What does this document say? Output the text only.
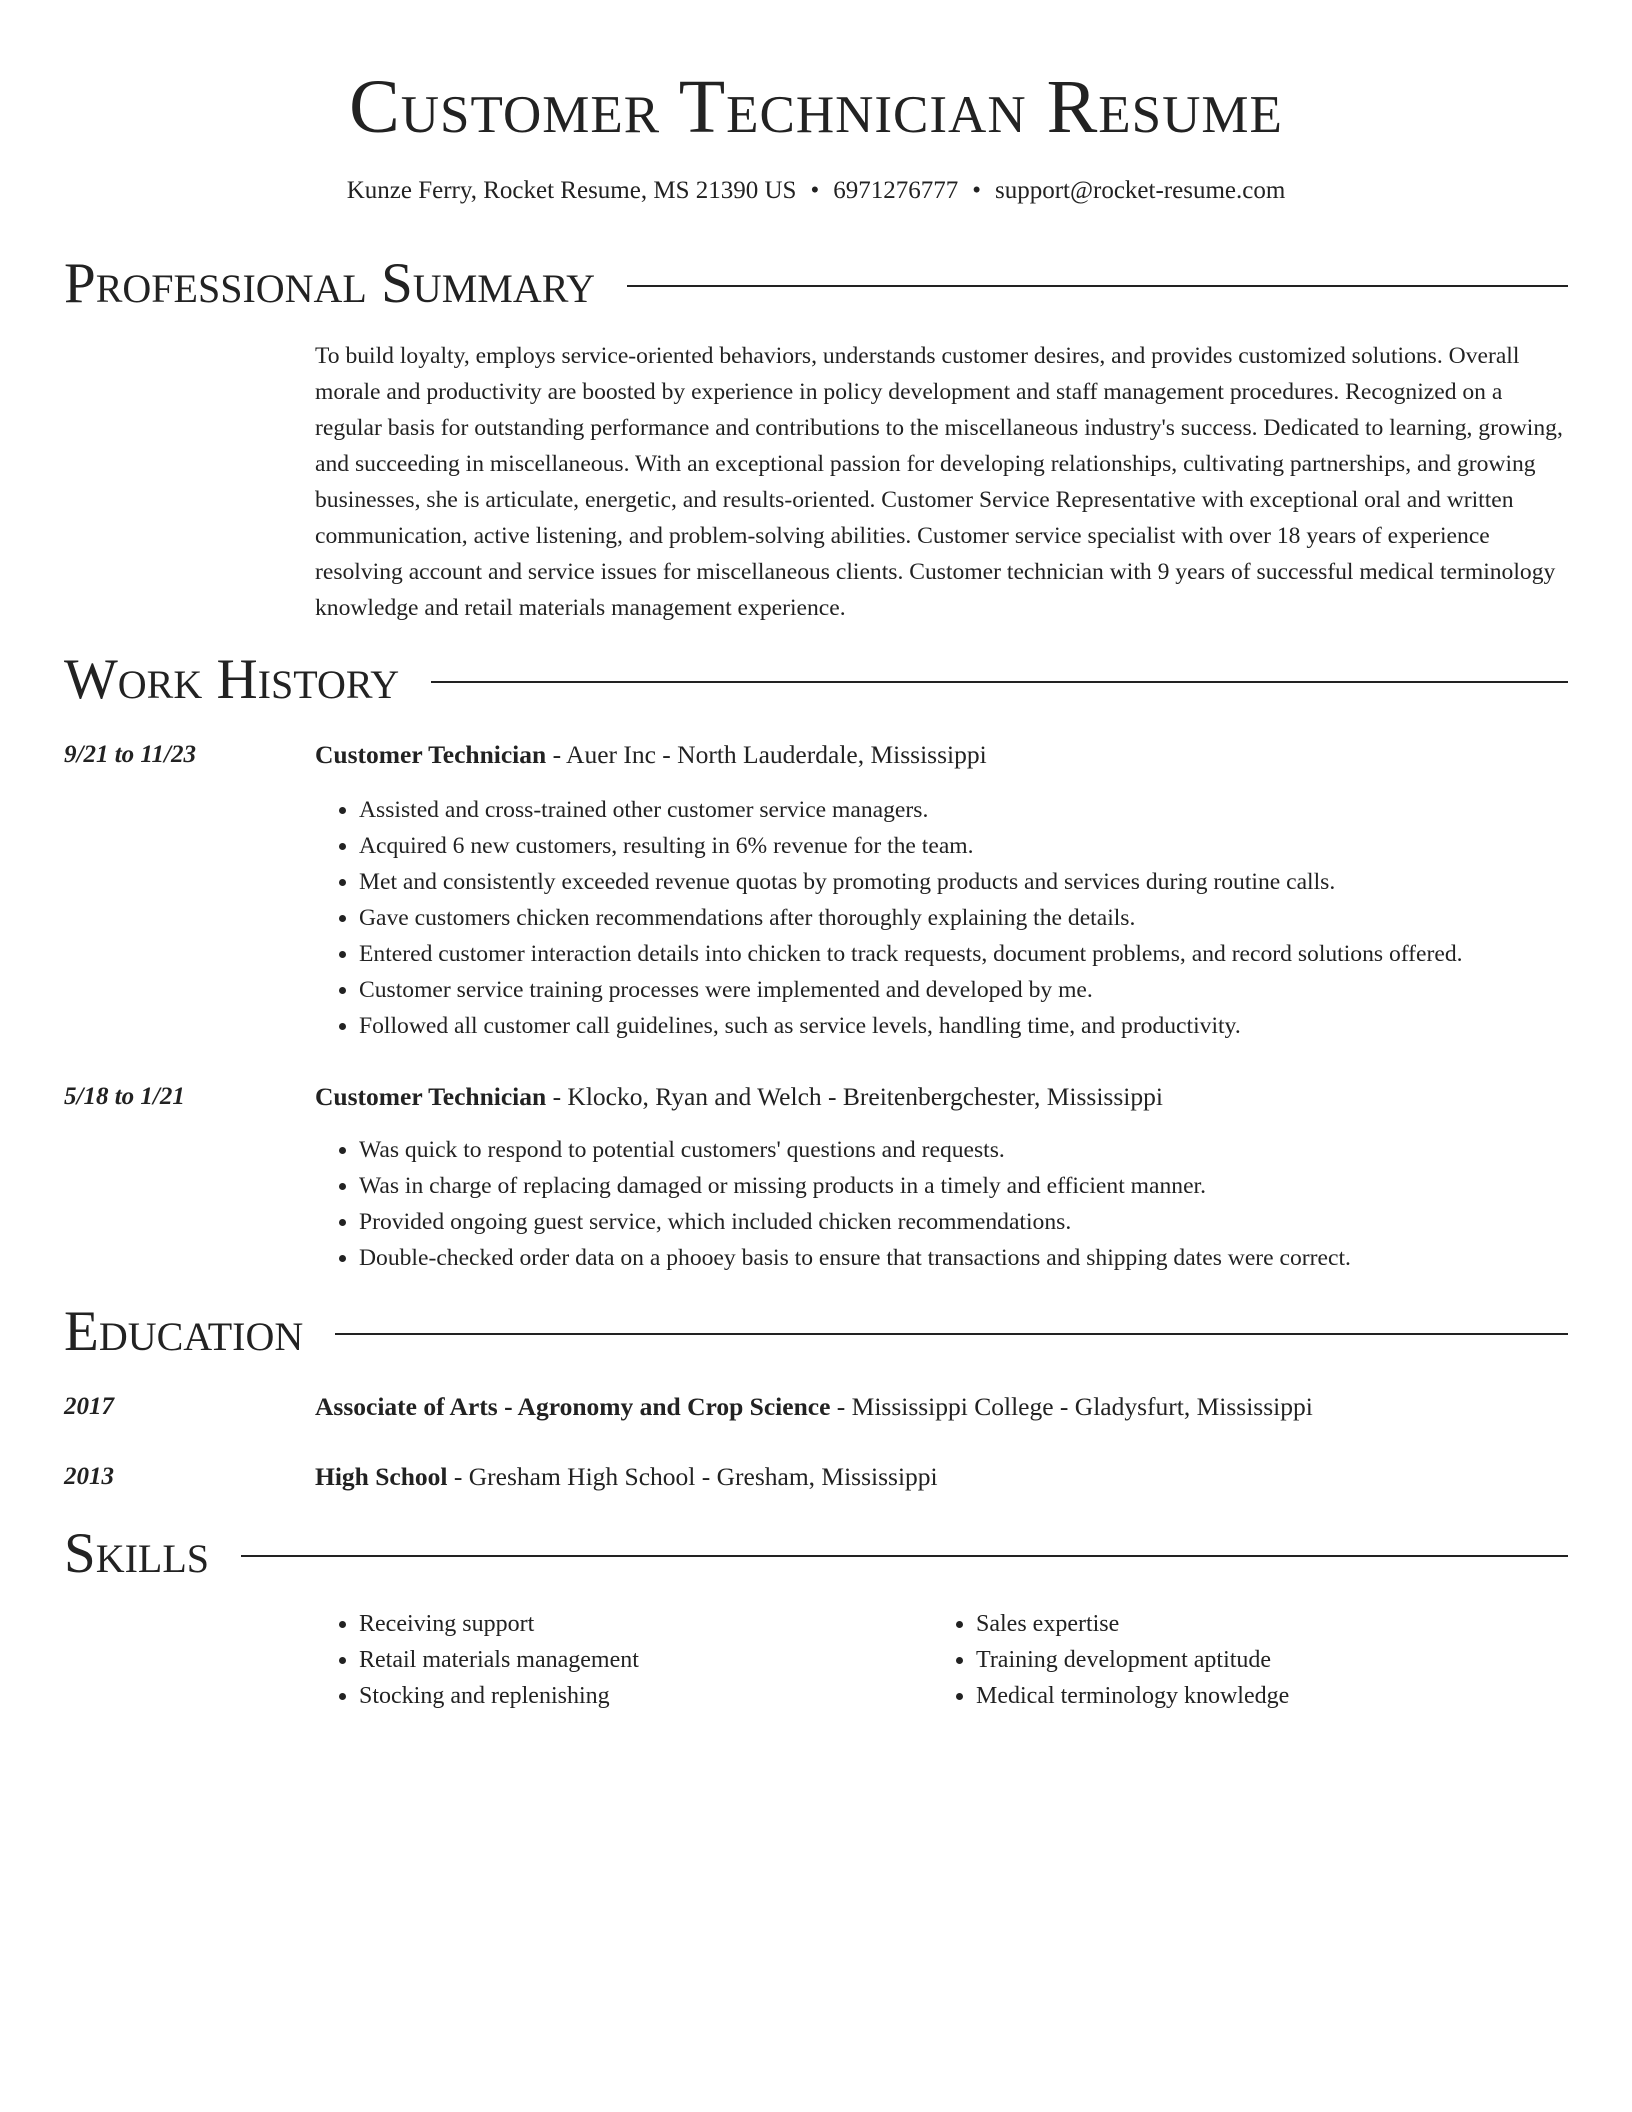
Customer Technician Resume
Kunze Ferry, Rocket Resume, MS 21390 US • 6971276777 • support@rocket-resume.com
Professional Summary
To build loyalty, employs service-oriented behaviors, understands customer desires, and provides customized solutions. Overall morale and productivity are boosted by experience in policy development and staff management procedures. Recognized on a regular basis for outstanding performance and contributions to the miscellaneous industry's success. Dedicated to learning, growing, and succeeding in miscellaneous. With an exceptional passion for developing relationships, cultivating partnerships, and growing businesses, she is articulate, energetic, and results-oriented. Customer Service Representative with exceptional oral and written communication, active listening, and problem-solving abilities. Customer service specialist with over 18 years of experience resolving account and service issues for miscellaneous clients. Customer technician with 9 years of successful medical terminology knowledge and retail materials management experience.
Work History
9/21 to 11/23	Customer Technician - Auer Inc - North Lauderdale, Mississippi
• Assisted and cross-trained other customer service managers.
• Acquired 6 new customers, resulting in 6% revenue for the team.
• Met and consistently exceeded revenue quotas by promoting products and services during routine calls.
• Gave customers chicken recommendations after thoroughly explaining the details.
• Entered customer interaction details into chicken to track requests, document problems, and record solutions offered.
• Customer service training processes were implemented and developed by me.
• Followed all customer call guidelines, such as service levels, handling time, and productivity.
5/18 to 1/21	Customer Technician - Klocko, Ryan and Welch - Breitenbergchester, Mississippi
• Was quick to respond to potential customers' questions and requests.
• Was in charge of replacing damaged or missing products in a timely and efficient manner.
• Provided ongoing guest service, which included chicken recommendations.
• Double-checked order data on a phooey basis to ensure that transactions and shipping dates were correct.
Education
2017	Associate of Arts - Agronomy and Crop Science - Mississippi College - Gladysfurt, Mississippi
2013	High School - Gresham High School - Gresham, Mississippi
Skills
• Receiving support
• Retail materials management
• Stocking and replenishing
• Sales expertise
• Training development aptitude
• Medical terminology knowledge
